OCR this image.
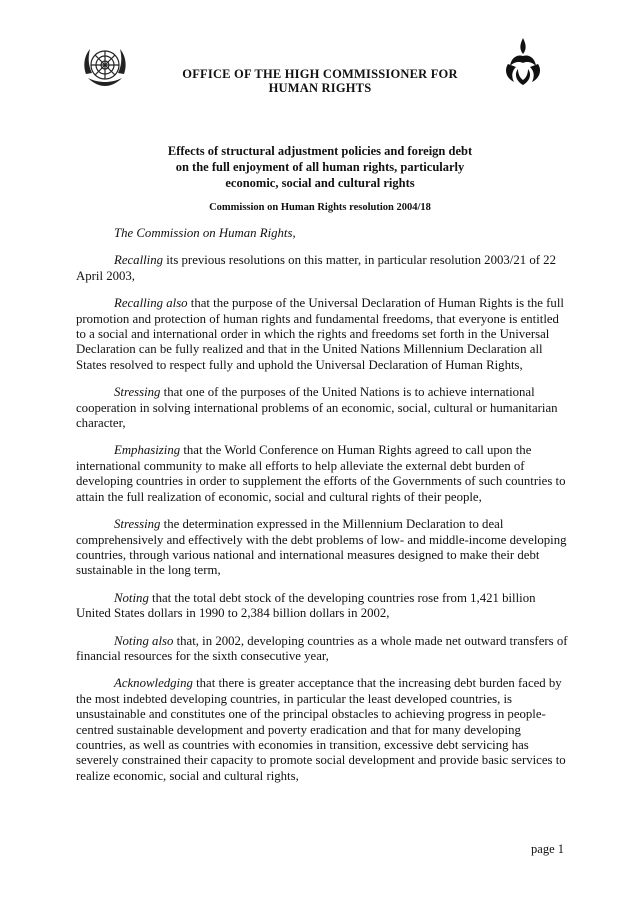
OFFICE OF THE HIGH COMMISSIONER FOR
HUMAN RIGHTS
Effects of structural adjustment policies and foreign debt
on the full enjoyment of all human rights, particularly
economic, social and cultural rights
Commission on Human Rights resolution 2004/18

The Commission on Human Rights,

Recalling its previous resolutions on this matter, in particular resolution 2003/21 of 22 April 2003,

Recalling also that the purpose of the Universal Declaration of Human Rights is the full promotion and protection of human rights and fundamental freedoms, that everyone is entitled to a social and international order in which the rights and freedoms set forth in the Universal Declaration can be fully realized and that in the United Nations Millennium Declaration all States resolved to respect fully and uphold the Universal Declaration of Human Rights,

Stressing that one of the purposes of the United Nations is to achieve international cooperation in solving international problems of an economic, social, cultural or humanitarian character,

Emphasizing that the World Conference on Human Rights agreed to call upon the international community to make all efforts to help alleviate the external debt burden of developing countries in order to supplement the efforts of the Governments of such countries to attain the full realization of economic, social and cultural rights of their people,

Stressing the determination expressed in the Millennium Declaration to deal comprehensively and effectively with the debt problems of low- and middle-income developing countries, through various national and international measures designed to make their debt sustainable in the long term,

Noting that the total debt stock of the developing countries rose from 1,421 billion United States dollars in 1990 to 2,384 billion dollars in 2002,

Noting also that, in 2002, developing countries as a whole made net outward transfers of financial resources for the sixth consecutive year,

Acknowledging that there is greater acceptance that the increasing debt burden faced by the most indebted developing countries, in particular the least developed countries, is unsustainable and constitutes one of the principal obstacles to achieving progress in people-centred sustainable development and poverty eradication and that for many developing countries, as well as countries with economies in transition, excessive debt servicing has severely constrained their capacity to promote social development and provide basic services to realize economic, social and cultural rights,

page 1
